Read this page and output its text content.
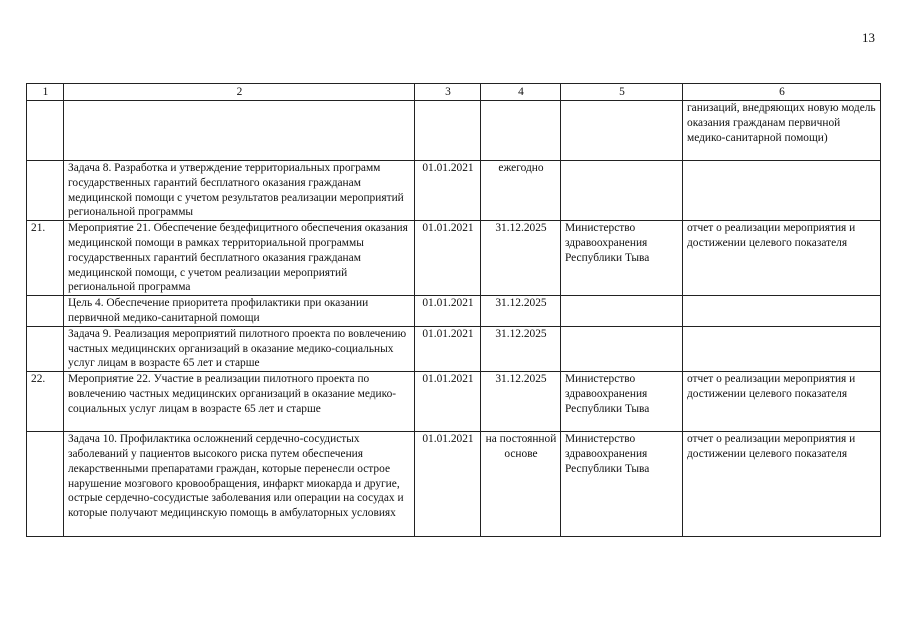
13
1	2	3	4	5	6
					ганизаций, внедряющих новую модель оказания гражданам первичной медико-санитарной помощи)
	Задача 8. Разработка и утверждение территориальных программ государственных гарантий бесплатного оказания гражданам медицинской помощи с учетом результатов реализации мероприятий региональной программы	01.01.2021	ежегодно		
21.	Мероприятие 21. Обеспечение бездефицитного обеспечения оказания медицинской помощи в рамках территориальной программы государственных гарантий бесплатного оказания гражданам медицинской помощи, с учетом реализации мероприятий региональной программа	01.01.2021	31.12.2025	Министерство здравоохранения Республики Тыва	отчет о реализации мероприятия и достижении целевого показателя
	Цель 4. Обеспечение приоритета профилактики при оказании первичной медико-санитарной помощи	01.01.2021	31.12.2025		
	Задача 9. Реализация мероприятий пилотного проекта по вовлечению частных медицинских организаций в оказание медико-социальных услуг лицам в возрасте 65 лет и старше	01.01.2021	31.12.2025		
22.	Мероприятие 22. Участие в реализации пилотного проекта по вовлечению частных медицинских организаций в оказание медико-социальных услуг лицам в возрасте 65 лет и старше	01.01.2021	31.12.2025	Министерство здравоохранения Республики Тыва	отчет о реализации мероприятия и достижении целевого показателя
	Задача 10. Профилактика осложнений сердечно-сосудистых заболеваний у пациентов высокого риска путем обеспечения лекарственными препаратами граждан, которые перенесли острое нарушение мозгового кровообращения, инфаркт миокарда и другие, острые сердечно-сосудистые заболевания или операции на сосудах и которые получают медицинскую помощь в амбулаторных условиях	01.01.2021	на постоянной основе	Министерство здравоохранения Республики Тыва	отчет о реализации мероприятия и достижении целевого показателя
